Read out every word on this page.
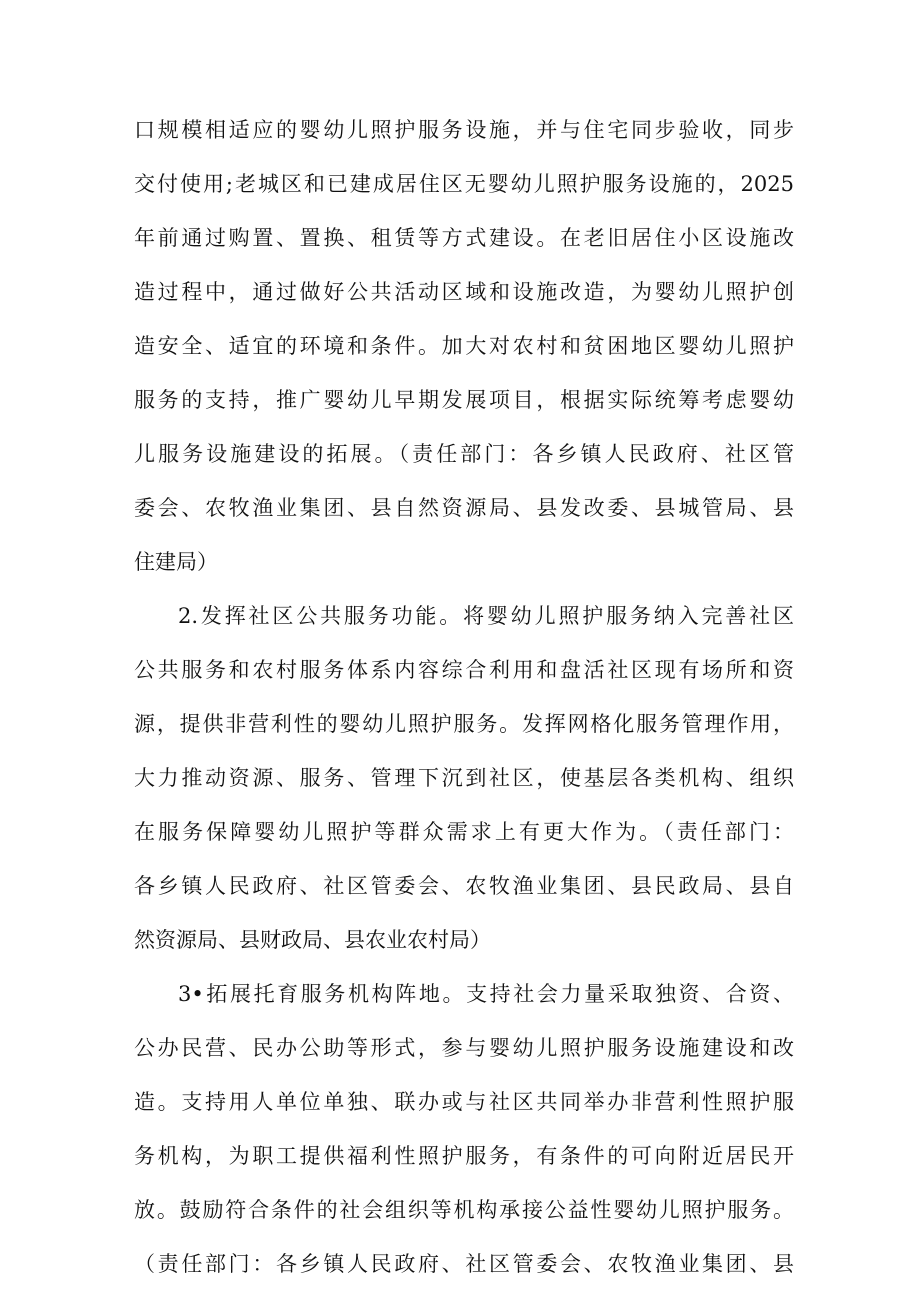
口规模相适应的婴幼儿照护服务设施，并与住宅同步验收，同步
交付使用;老城区和已建成居住区无婴幼儿照护服务设施的，2025
年前通过购置、置换、租赁等方式建设。在老旧居住小区设施改
造过程中，通过做好公共活动区域和设施改造，为婴幼儿照护创
造安全、适宜的环境和条件。加大对农村和贫困地区婴幼儿照护
服务的支持，推广婴幼儿早期发展项目，根据实际统筹考虑婴幼
儿服务设施建设的拓展。（责任部门：各乡镇人民政府、社区管
委会、农牧渔业集团、县自然资源局、县发改委、县城管局、县
住建局）
2.发挥社区公共服务功能。将婴幼儿照护服务纳入完善社区
公共服务和农村服务体系内容综合利用和盘活社区现有场所和资
源，提供非营利性的婴幼儿照护服务。发挥网格化服务管理作用，
大力推动资源、服务、管理下沉到社区，使基层各类机构、组织
在服务保障婴幼儿照护等群众需求上有更大作为。（责任部门：
各乡镇人民政府、社区管委会、农牧渔业集团、县民政局、县自
然资源局、县财政局、县农业农村局）
3•拓展托育服务机构阵地。支持社会力量采取独资、合资、
公办民营、民办公助等形式，参与婴幼儿照护服务设施建设和改
造。支持用人单位单独、联办或与社区共同举办非营利性照护服
务机构，为职工提供福利性照护服务，有条件的可向附近居民开
放。鼓励符合条件的社会组织等机构承接公益性婴幼儿照护服务。
（责任部门：各乡镇人民政府、社区管委会、农牧渔业集团、县
